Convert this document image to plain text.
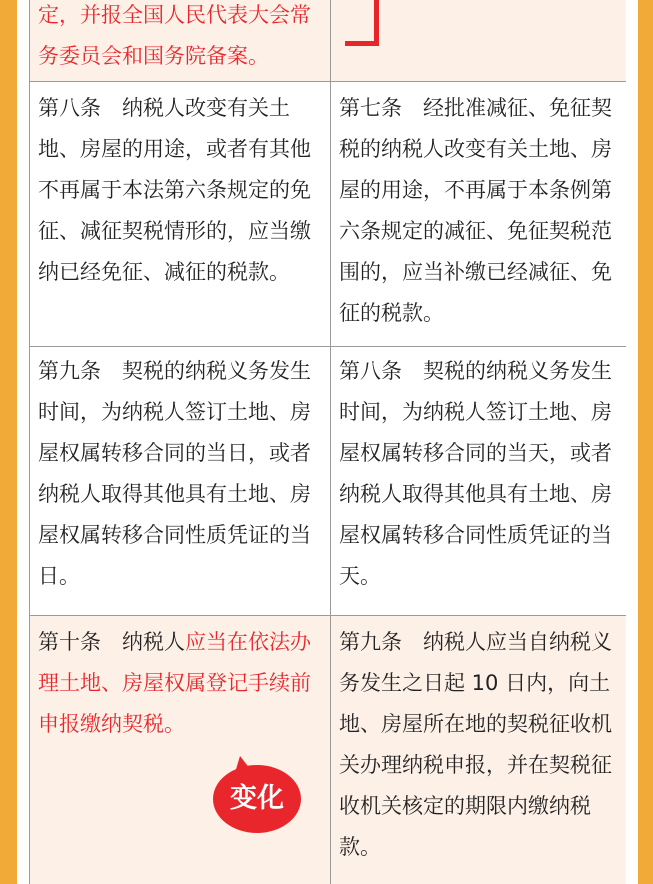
定，并报全国人民代表大会常务委员会和国务院备案。
第八条　纳税人改变有关土地、房屋的用途，或者有其他不再属于本法第六条规定的免征、减征契税情形的，应当缴纳已经免征、减征的税款。
第七条　经批准减征、免征契税的纳税人改变有关土地、房屋的用途，不再属于本条例第六条规定的减征、免征契税范围的，应当补缴已经减征、免征的税款。
第九条　契税的纳税义务发生时间，为纳税人签订土地、房屋权属转移合同的当日，或者纳税人取得其他具有土地、房屋权属转移合同性质凭证的当日。
第八条　契税的纳税义务发生时间，为纳税人签订土地、房屋权属转移合同的当天，或者纳税人取得其他具有土地、房屋权属转移合同性质凭证的当天。
第十条　纳税人应当在依法办理土地、房屋权属登记手续前申报缴纳契税。
变化
第九条　纳税人应当自纳税义务发生之日起 10 日内，向土地、房屋所在地的契税征收机关办理纳税申报，并在契税征收机关核定的期限内缴纳税款。
